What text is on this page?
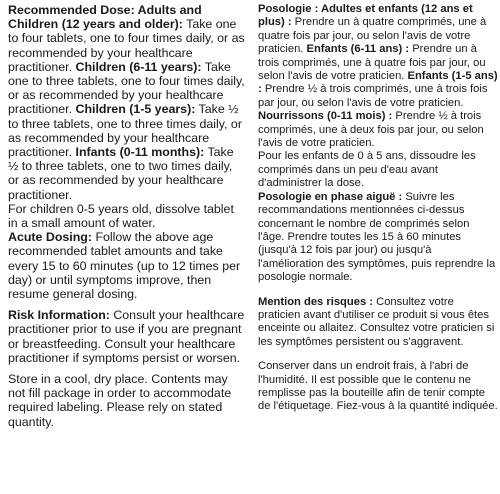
Recommended Dose: Adults and Children (12 years and older): Take one to four tablets, one to four times daily, or as recommended by your healthcare practitioner. Children (6-11 years): Take one to three tablets, one to four times daily, or as recommended by your healthcare practitioner. Children (1-5 years): Take ½ to three tablets, one to three times daily, or as recommended by your healthcare practitioner. Infants (0-11 months): Take ½ to three tablets, one to two times daily, or as recommended by your healthcare practitioner.

For children 0-5 years old, dissolve tablet in a small amount of water.

Acute Dosing: Follow the above age recommended tablet amounts and take every 15 to 60 minutes (up to 12 times per day) or until symptoms improve, then resume general dosing.

Risk Information: Consult your healthcare practitioner prior to use if you are pregnant or breastfeeding. Consult your healthcare practitioner if symptoms persist or worsen.

Store in a cool, dry place. Contents may not fill package in order to accommodate required labeling. Please rely on stated quantity.

Posologie : Adultes et enfants (12 ans et plus) : Prendre un à quatre comprimés, une à quatre fois par jour, ou selon l'avis de votre praticien. Enfants (6-11 ans) : Prendre un à trois comprimés, une à quatre fois par jour, ou selon l'avis de votre praticien. Enfants (1-5 ans) : Prendre ½ à trois comprimés, une à trois fois par jour, ou selon l'avis de votre praticien. Nourrissons (0-11 mois) : Prendre ½ à trois comprimés, une à deux fois par jour, ou selon l'avis de votre praticien.

Pour les enfants de 0 à 5 ans, dissoudre les comprimés dans un peu d'eau avant d'administrer la dose.

Posologie en phase aiguë : Suivre les recommandations mentionnées ci-dessus concernant le nombre de comprimés selon l'âge. Prendre toutes les 15 à 60 minutes (jusqu'à 12 fois par jour) ou jusqu'à l'amélioration des symptômes, puis reprendre la posologie normale.

Mention des risques : Consultez votre praticien avant d'utiliser ce produit si vous êtes enceinte ou allaitez. Consultez votre praticien si les symptômes persistent ou s'aggravent.

Conserver dans un endroit frais, à l'abri de l'humidité. Il est possible que le contenu ne remplisse pas la bouteille afin de tenir compte de l'étiquetage. Fiez-vous à la quantité indiquée.
